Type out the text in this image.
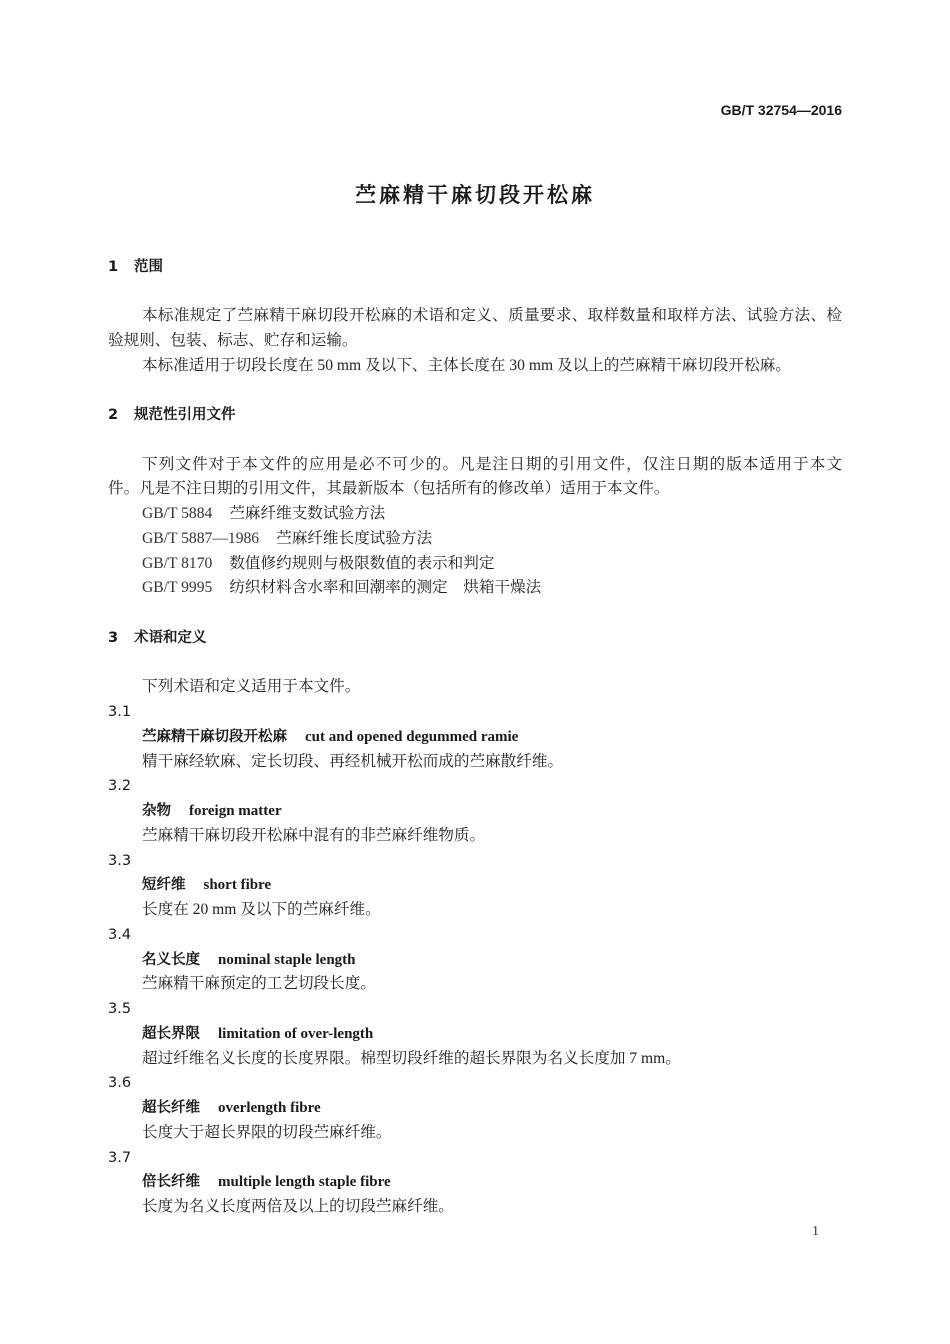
GB/T 32754—2016
苎麻精干麻切段开松麻
1 范围
本标准规定了苎麻精干麻切段开松麻的术语和定义、质量要求、取样数量和取样方法、试验方法、检
验规则、包装、标志、贮存和运输。
本标准适用于切段长度在 50 mm 及以下、主体长度在 30 mm 及以上的苎麻精干麻切段开松麻。
2 规范性引用文件
下列文件对于本文件的应用是必不可少的。凡是注日期的引用文件，仅注日期的版本适用于本文
件。凡是不注日期的引用文件，其最新版本（包括所有的修改单）适用于本文件。
GB/T 5884 苎麻纤维支数试验方法
GB/T 5887—1986 苎麻纤维长度试验方法
GB/T 8170 数值修约规则与极限数值的表示和判定
GB/T 9995 纺织材料含水率和回潮率的测定　烘箱干燥法
3 术语和定义
下列术语和定义适用于本文件。
3.1
苎麻精干麻切段开松麻 cut and opened degummed ramie
精干麻经软麻、定长切段、再经机械开松而成的苎麻散纤维。
3.2
杂物 foreign matter
苎麻精干麻切段开松麻中混有的非苎麻纤维物质。
3.3
短纤维 short fibre
长度在 20 mm 及以下的苎麻纤维。
3.4
名义长度 nominal staple length
苎麻精干麻预定的工艺切段长度。
3.5
超长界限 limitation of over-length
超过纤维名义长度的长度界限。棉型切段纤维的超长界限为名义长度加 7 mm。
3.6
超长纤维 overlength fibre
长度大于超长界限的切段苎麻纤维。
3.7
倍长纤维 multiple length staple fibre
长度为名义长度两倍及以上的切段苎麻纤维。
1
